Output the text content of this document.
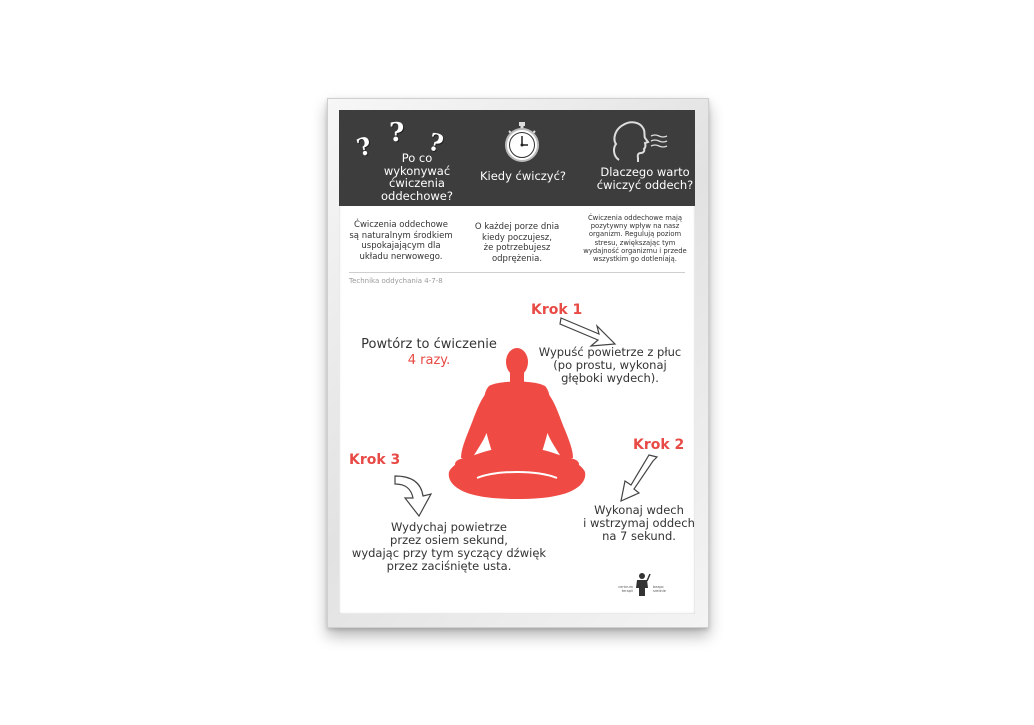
? ? ?
Po co
wykonywać
ćwiczenia
oddechowe?
Kiedy ćwiczyć?	Dlaczego warto
ćwiczyć oddech?
Ćwiczenia oddechowe
są naturalnym środkiem
uspokajającym dla
układu nerwowego.
O każdej porze dnia
kiedy poczujesz,
że potrzebujesz
odprężenia.
Ćwiczenia oddechowe mają
pozytywny wpływ na nasz
organizm. Regulują poziom
stresu, zwiększając tym
wydajność organizmu i przede
wszystkim go dotleniają.
Technika oddychania 4-7-8
Powtórz to ćwiczenie
4 razy.
Krok 1
Wypuść powietrze z płuc
(po prostu, wykonaj
głęboki wydech).
Krok 3
Wydychaj powietrze
przez osiem sekund,
wydając przy tym syczący dźwięk
przez zaciśnięte usta.
Krok 2
Wykonaj wdech
i wstrzymaj oddech
na 7 sekund.
centrum
terapii
bezpo
srednie
